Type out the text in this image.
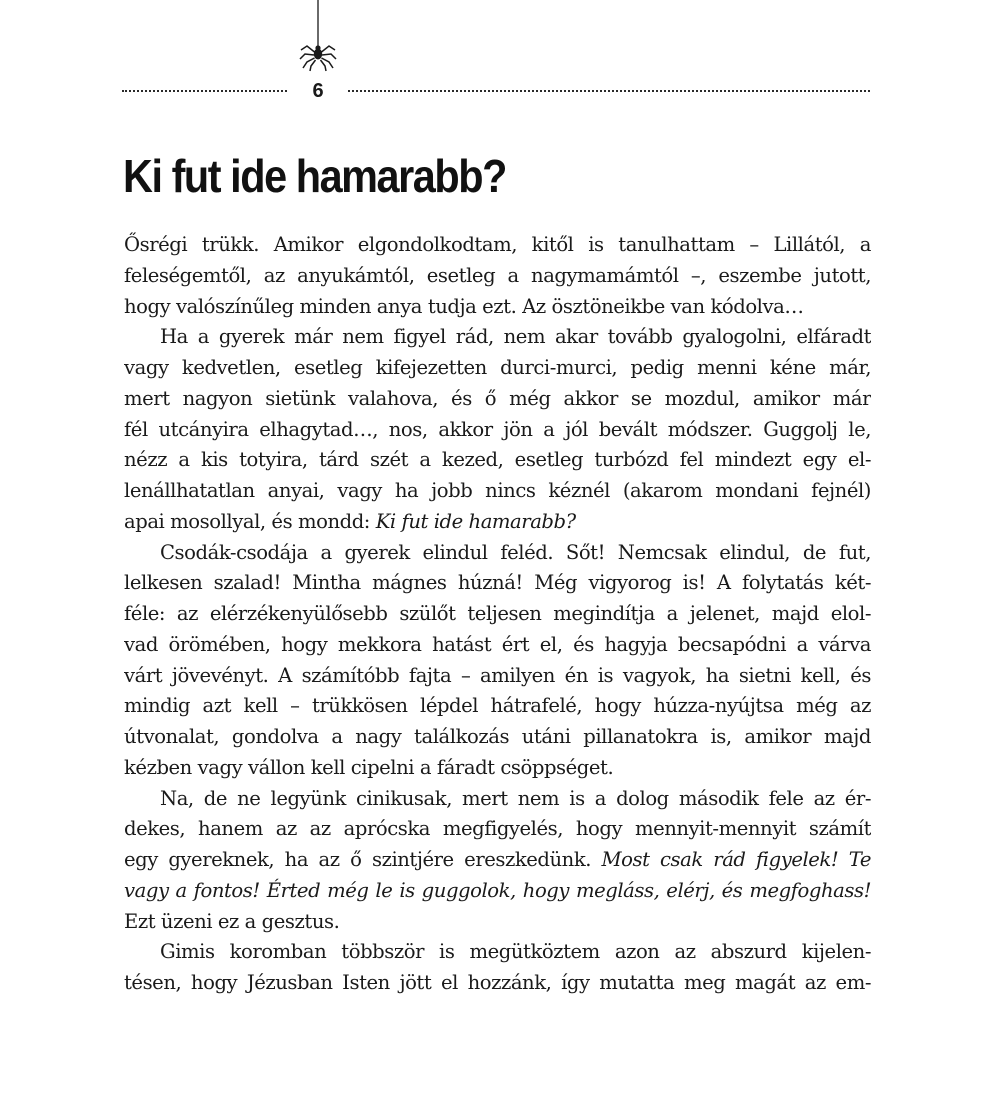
6
Ki fut ide hamarabb?

Ősrégi trükk. Amikor elgondolkodtam, kitől is tanulhattam – Lillától, a

feleségemtől, az anyukámtól, esetleg a nagymamámtól –, eszembe jutott,

hogy valószínűleg minden anya tudja ezt. Az ösztöneikbe van kódolva…

Ha a gyerek már nem figyel rád, nem akar tovább gyalogolni, elfáradt

vagy kedvetlen, esetleg kifejezetten durci-murci, pedig menni kéne már,

mert nagyon sietünk valahova, és ő még akkor se mozdul, amikor már

fél utcányira elhagytad…, nos, akkor jön a jól bevált módszer. Guggolj le,

nézz a kis totyira, tárd szét a kezed, esetleg turbózd fel mindezt egy el-

lenállhatatlan anyai, vagy ha jobb nincs kéznél (akarom mondani fejnél)

apai mosollyal, és mondd: Ki fut ide hamarabb?

Csodák-csodája a gyerek elindul feléd. Sőt! Nemcsak elindul, de fut,

lelkesen szalad! Mintha mágnes húzná! Még vigyorog is! A folytatás két-

féle: az elérzékenyülősebb szülőt teljesen megindítja a jelenet, majd elol-

vad örömében, hogy mekkora hatást ért el, és hagyja becsapódni a várva

várt jövevényt. A számítóbb fajta – amilyen én is vagyok, ha sietni kell, és

mindig azt kell – trükkösen lépdel hátrafelé, hogy húzza-nyújtsa még az

útvonalat, gondolva a nagy találkozás utáni pillanatokra is, amikor majd

kézben vagy vállon kell cipelni a fáradt csöppséget.

Na, de ne legyünk cinikusak, mert nem is a dolog második fele az ér-

dekes, hanem az az aprócska megfigyelés, hogy mennyit-mennyit számít

egy gyereknek, ha az ő szintjére ereszkedünk. Most csak rád figyelek! Te

vagy a fontos! Érted még le is guggolok, hogy megláss, elérj, és megfoghass!

Ezt üzeni ez a gesztus.

Gimis koromban többször is megütköztem azon az abszurd kijelen-

tésen, hogy Jézusban Isten jött el hozzánk, így mutatta meg magát az em-
